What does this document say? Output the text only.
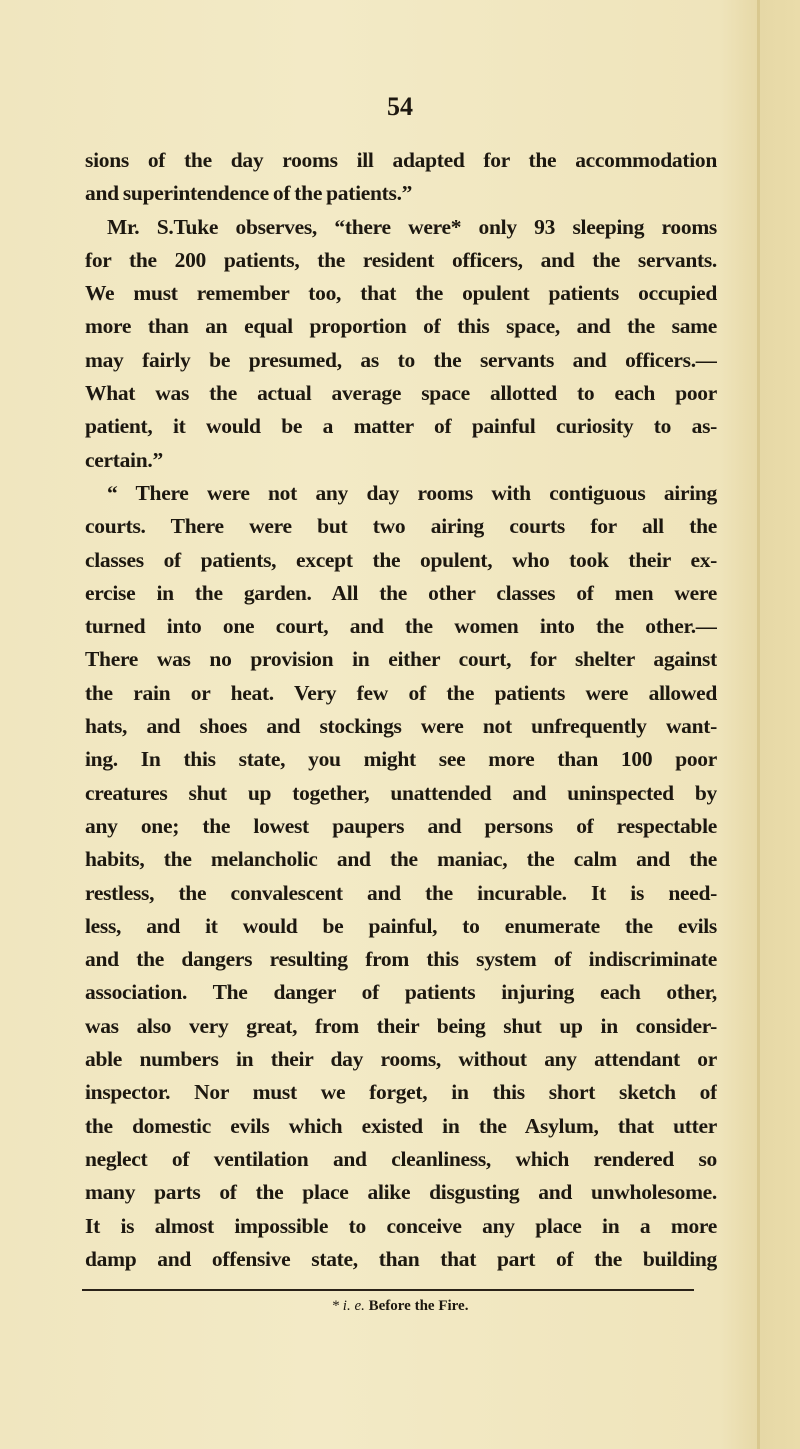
54
sions of the day rooms ill adapted for the accommodation
and superintendence of the patients.”
Mr. S.Tuke observes, “there were* only 93 sleeping rooms
for the 200 patients, the resident officers, and the servants.
We must remember too, that the opulent patients occupied
more than an equal proportion of this space, and the same
may fairly be presumed, as to the servants and officers.—
What was the actual average space allotted to each poor
patient, it would be a matter of painful curiosity to as-
certain.”
“ There were not any day rooms with contiguous airing
courts. There were but two airing courts for all the
classes of patients, except the opulent, who took their ex-
ercise in the garden. All the other classes of men were
turned into one court, and the women into the other.—
There was no provision in either court, for shelter against
the rain or heat. Very few of the patients were allowed
hats, and shoes and stockings were not unfrequently want-
ing. In this state, you might see more than 100 poor
creatures shut up together, unattended and uninspected by
any one; the lowest paupers and persons of respectable
habits, the melancholic and the maniac, the calm and the
restless, the convalescent and the incurable. It is need-
less, and it would be painful, to enumerate the evils
and the dangers resulting from this system of indiscriminate
association. The danger of patients injuring each other,
was also very great, from their being shut up in consider-
able numbers in their day rooms, without any attendant or
inspector. Nor must we forget, in this short sketch of
the domestic evils which existed in the Asylum, that utter
neglect of ventilation and cleanliness, which rendered so
many parts of the place alike disgusting and unwholesome.
It is almost impossible to conceive any place in a more
damp and offensive state, than that part of the building
* i. e. Before the Fire.
